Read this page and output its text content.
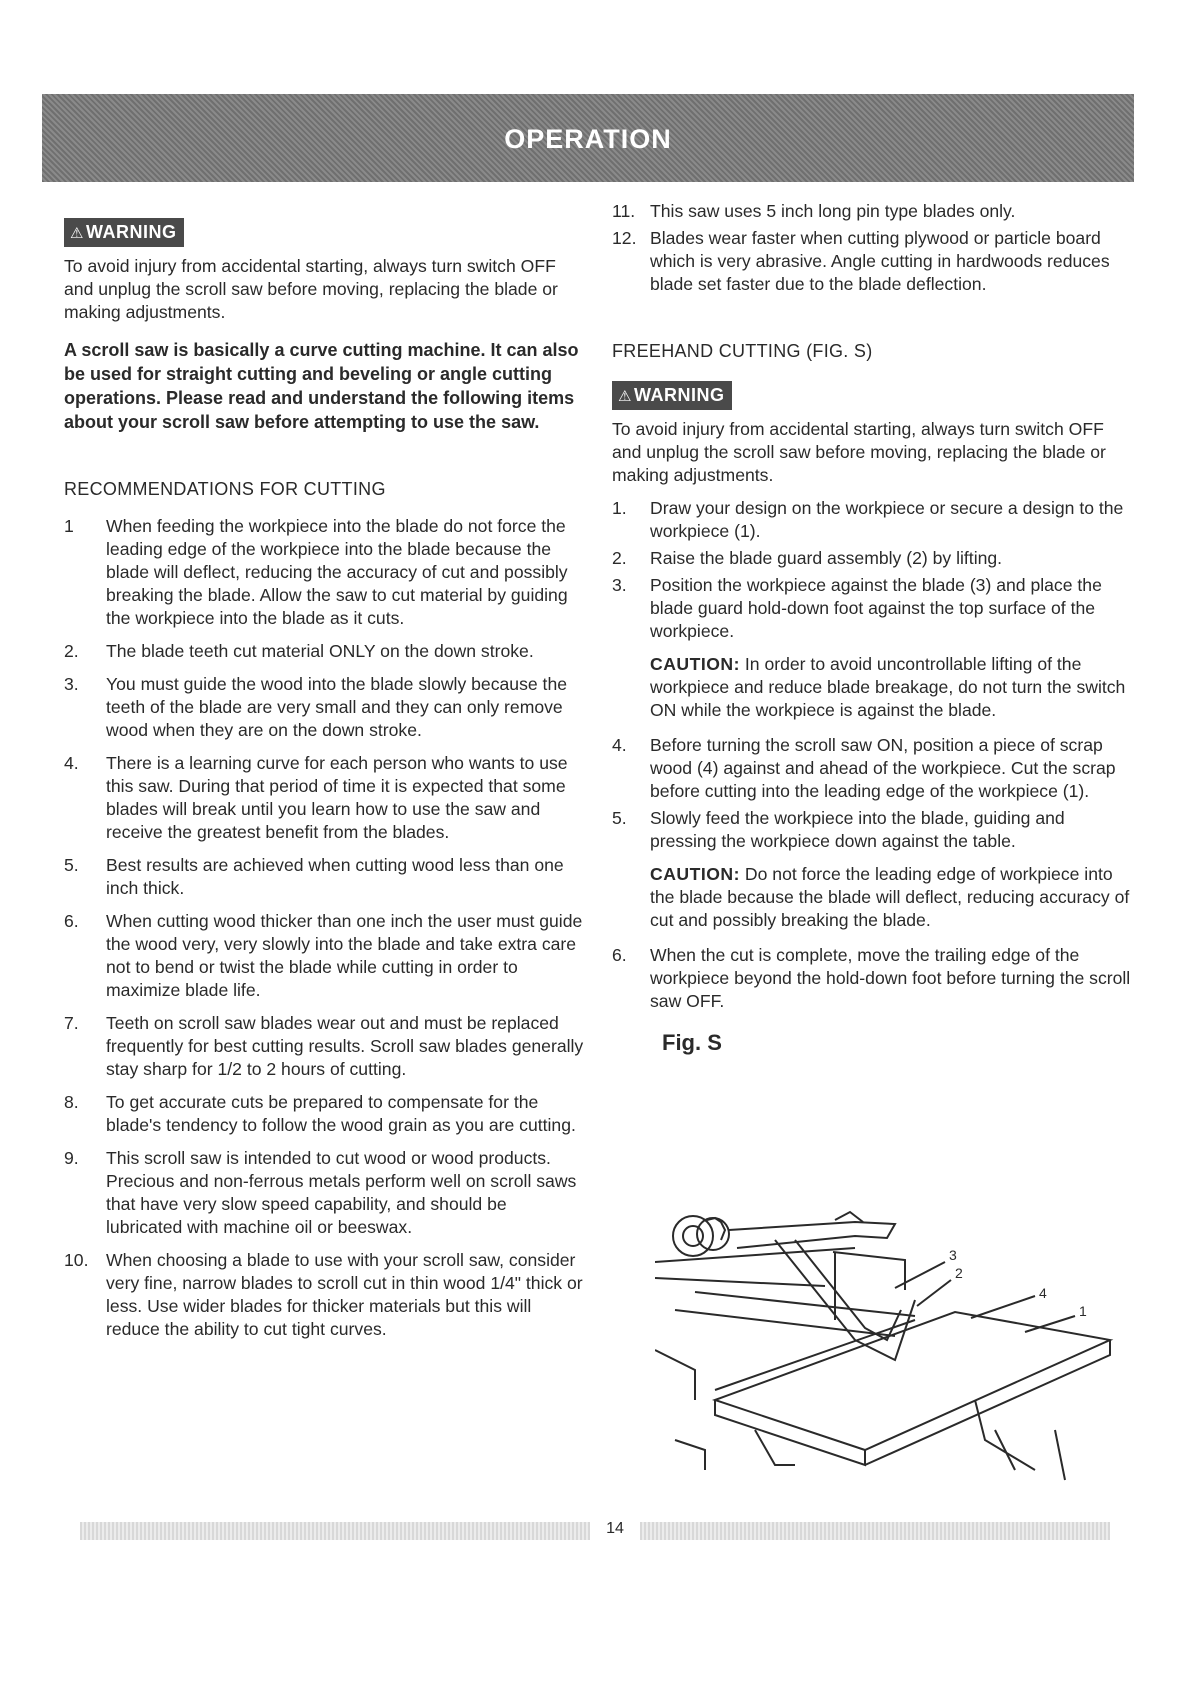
OPERATION
⚠ WARNING

To avoid injury from accidental starting, always turn switch OFF and unplug the scroll saw before moving, replacing the blade or making adjustments.

A scroll saw is basically a curve cutting machine. It can also be used for straight cutting and beveling or angle cutting operations. Please read and understand the following items about your scroll saw before attempting to use the saw.

RECOMMENDATIONS FOR CUTTING
1 When feeding the workpiece into the blade do not force the leading edge of the workpiece into the blade because the blade will deflect, reducing the accuracy of cut and possibly breaking the blade. Allow the saw to cut material by guiding the workpiece into the blade as it cuts.
2. The blade teeth cut material ONLY on the down stroke.
3. You must guide the wood into the blade slowly because the teeth of the blade are very small and they can only remove wood when they are on the down stroke.
4. There is a learning curve for each person who wants to use this saw. During that period of time it is expected that some blades will break until you learn how to use the saw and receive the greatest benefit from the blades.
5. Best results are achieved when cutting wood less than one inch thick.
6. When cutting wood thicker than one inch the user must guide the wood very, very slowly into the blade and take extra care not to bend or twist the blade while cutting in order to maximize blade life.
7. Teeth on scroll saw blades wear out and must be replaced frequently for best cutting results. Scroll saw blades generally stay sharp for 1/2 to 2 hours of cutting.
8. To get accurate cuts be prepared to compensate for the blade's tendency to follow the wood grain as you are cutting.
9. This scroll saw is intended to cut wood or wood products. Precious and non-ferrous metals perform well on scroll saws that have very slow speed capability, and should be lubricated with machine oil or beeswax.
10. When choosing a blade to use with your scroll saw, consider very fine, narrow blades to scroll cut in thin wood 1/4" thick or less. Use wider blades for thicker materials but this will reduce the ability to cut tight curves.
11. This saw uses 5 inch long pin type blades only.
12. Blades wear faster when cutting plywood or particle board which is very abrasive. Angle cutting in hardwoods reduces blade set faster due to the blade deflection.
FREEHAND CUTTING (FIG. S)
⚠ WARNING

To avoid injury from accidental starting, always turn switch OFF and unplug the scroll saw before moving, replacing the blade or making adjustments.

1. Draw your design on the workpiece or secure a design to the workpiece (1).
2. Raise the blade guard assembly (2) by lifting.
3. Position the workpiece against the blade (3) and place the blade guard hold-down foot against the top surface of the workpiece.

CAUTION: In order to avoid uncontrollable lifting of the workpiece and reduce blade breakage, do not turn the switch ON while the workpiece is against the blade.

4. Before turning the scroll saw ON, position a piece of scrap wood (4) against and ahead of the workpiece. Cut the scrap before cutting into the leading edge of the workpiece (1).
5. Slowly feed the workpiece into the blade, guiding and pressing the workpiece down against the table.

CAUTION: Do not force the leading edge of workpiece into the blade because the blade will deflect, reducing accuracy of cut and possibly breaking the blade.

6. When the cut is complete, move the trailing edge of the workpiece beyond the hold-down foot before turning the scroll saw OFF.
Fig. S
3
2
4
1
14
